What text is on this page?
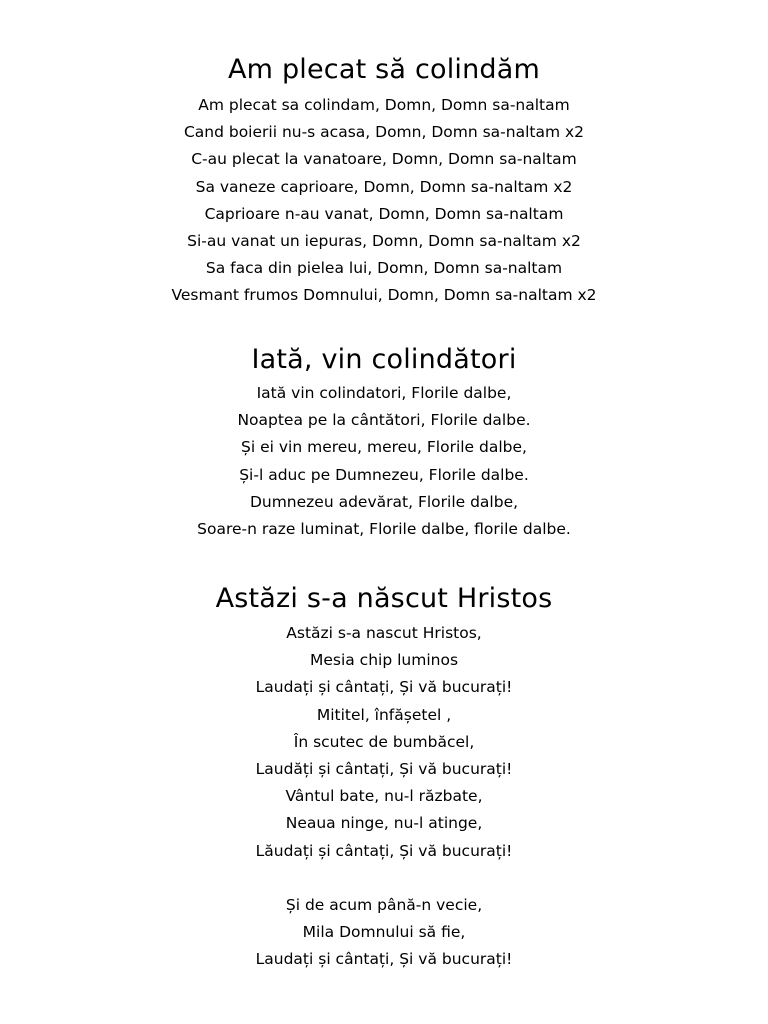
Am plecat să colindăm
Am plecat sa colindam, Domn, Domn sa-naltam
Cand boierii nu-s acasa, Domn, Domn sa-naltam x2
C-au plecat la vanatoare, Domn, Domn sa-naltam
Sa vaneze caprioare, Domn, Domn sa-naltam x2
Caprioare n-au vanat, Domn, Domn sa-naltam
Si-au vanat un iepuras, Domn, Domn sa-naltam x2
Sa faca din pielea lui, Domn, Domn sa-naltam
Vesmant frumos Domnului, Domn, Domn sa-naltam x2
Iată, vin colindători
Iată vin colindatori, Florile dalbe,
Noaptea pe la cântători, Florile dalbe.
Și ei vin mereu, mereu, Florile dalbe,
Și-l aduc pe Dumnezeu, Florile dalbe.
Dumnezeu adevărat, Florile dalbe,
Soare-n raze luminat, Florile dalbe, florile dalbe.
Astăzi s-a născut Hristos
Astăzi s-a nascut Hristos,
Mesia chip luminos
Laudați și cântați, Și vă bucurați!
Mititel, înfășetel ,
În scutec de bumbăcel,
Laudăți și cântați, Și vă bucurați!
Vântul bate, nu-l răzbate,
Neaua ninge, nu-l atinge,
Lăudați și cântați, Și vă bucurați!
Și de acum până-n vecie,
Mila Domnului să fie,
Laudați și cântați, Și vă bucurați!
